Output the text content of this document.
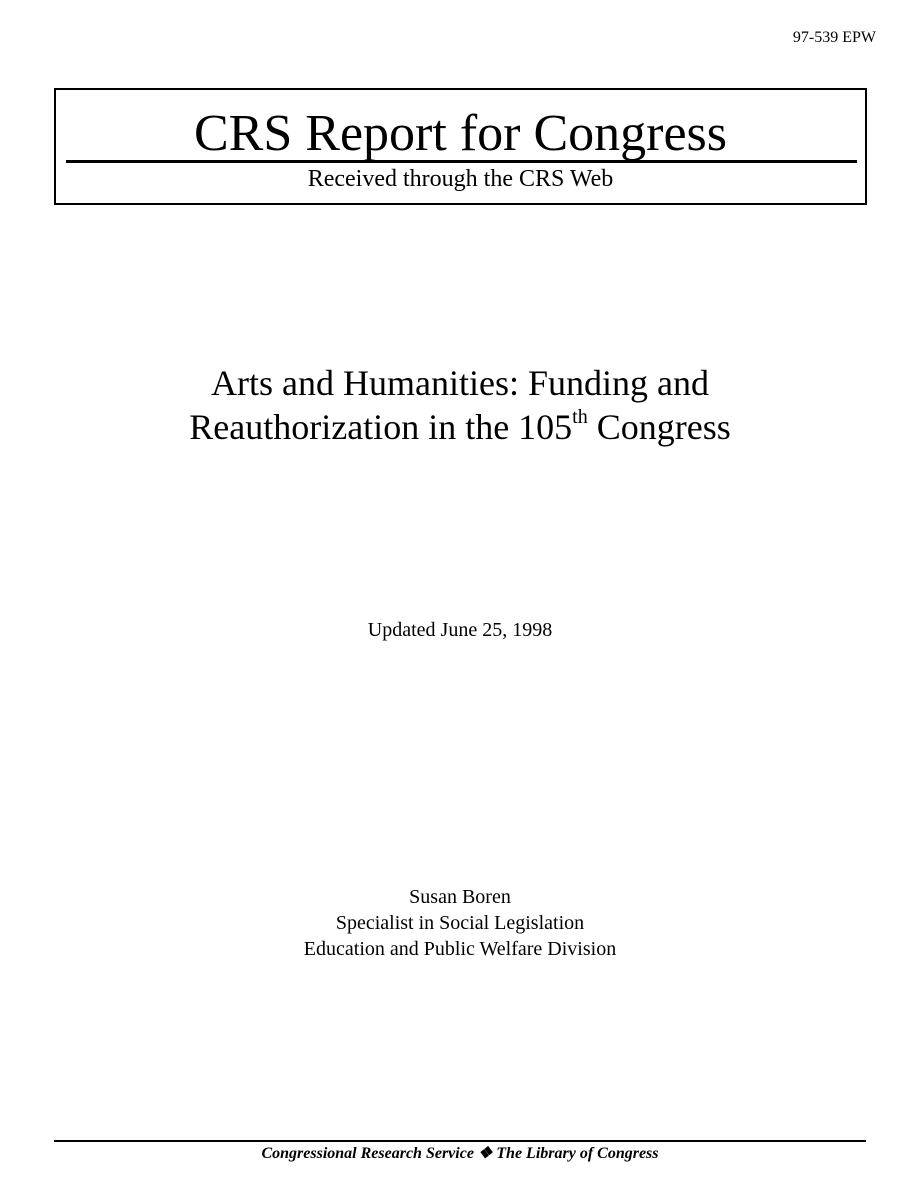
97-539 EPW
CRS Report for Congress
Received through the CRS Web
Arts and Humanities: Funding and
Reauthorization in the 105th Congress
Updated June 25, 1998
Susan Boren
Specialist in Social Legislation
Education and Public Welfare Division
Congressional Research Service ❖ The Library of Congress
